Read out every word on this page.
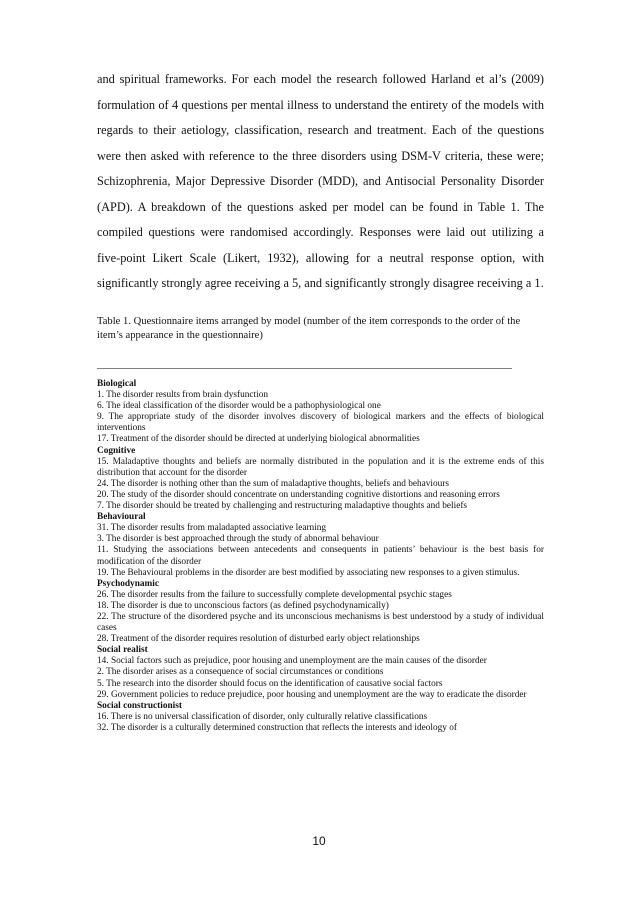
and spiritual frameworks. For each model the research followed Harland et al’s (2009) formulation of 4 questions per mental illness to understand the entirety of the models with regards to their aetiology, classification, research and treatment. Each of the questions were then asked with reference to the three disorders using DSM-V criteria, these were; Schizophrenia, Major Depressive Disorder (MDD), and Antisocial Personality Disorder (APD). A breakdown of the questions asked per model can be found in Table 1. The compiled questions were randomised accordingly. Responses were laid out utilizing a five-point Likert Scale (Likert, 1932), allowing for a neutral response option, with significantly strongly agree receiving a 5, and significantly strongly disagree receiving a 1.

Table 1. Questionnaire items arranged by model (number of the item corresponds to the order of the item’s appearance in the questionnaire)

___________________________________________________________________________________
Biological
1. The disorder results from brain dysfunction
6. The ideal classification of the disorder would be a pathophysiological one
9. The appropriate study of the disorder involves discovery of biological markers and the effects of biological interventions
17. Treatment of the disorder should be directed at underlying biological abnormalities
Cognitive
15. Maladaptive thoughts and beliefs are normally distributed in the population and it is the extreme ends of this distribution that account for the disorder
24. The disorder is nothing other than the sum of maladaptive thoughts, beliefs and behaviours
20. The study of the disorder should concentrate on understanding cognitive distortions and reasoning errors
7. The disorder should be treated by challenging and restructuring maladaptive thoughts and beliefs
Behavioural
31. The disorder results from maladapted associative learning
3. The disorder is best approached through the study of abnormal behaviour
11. Studying the associations between antecedents and consequents in patients’ behaviour is the best basis for modification of the disorder
19. The Behavioural problems in the disorder are best modified by associating new responses to a given stimulus.
Psychodynamic
26. The disorder results from the failure to successfully complete developmental psychic stages
18. The disorder is due to unconscious factors (as defined psychodynamically)
22. The structure of the disordered psyche and its unconscious mechanisms is best understood by a study of individual cases
28. Treatment of the disorder requires resolution of disturbed early object relationships
Social realist
14. Social factors such as prejudice, poor housing and unemployment are the main causes of the disorder
2. The disorder arises as a consequence of social circumstances or conditions
5. The research into the disorder should focus on the identification of causative social factors
29. Government policies to reduce prejudice, poor housing and unemployment are the way to eradicate the disorder
Social constructionist
16. There is no universal classification of disorder, only culturally relative classifications
32. The disorder is a culturally determined construction that reflects the interests and ideology of
10
